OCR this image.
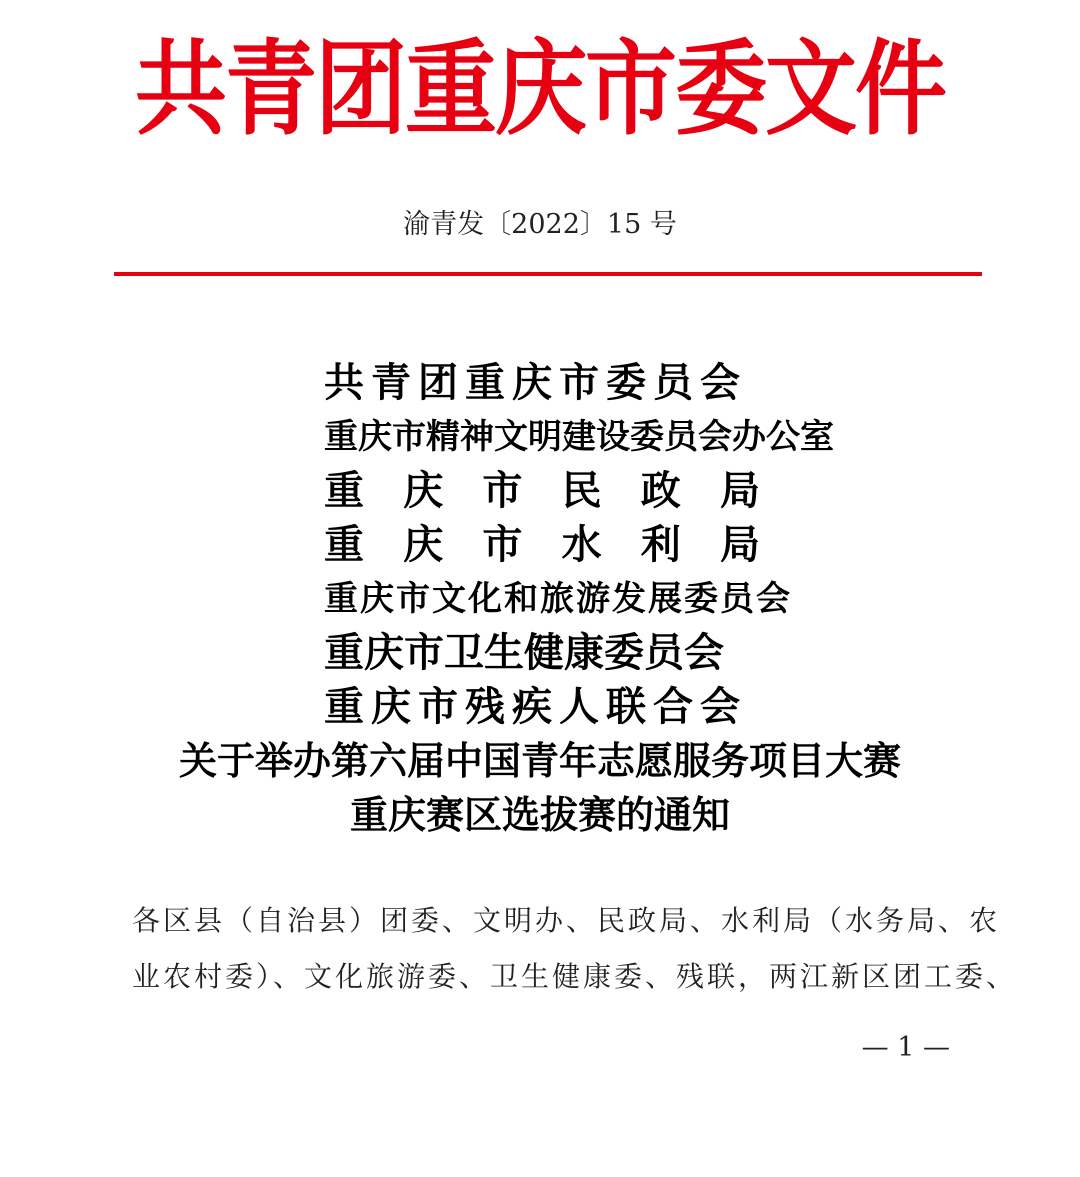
共青团重庆市委文件
渝青发〔2022〕15 号
共青团重庆市委员会
重庆市精神文明建设委员会办公室
重 庆 市 民 政 局
重 庆 市 水 利 局
重庆市文化和旅游发展委员会
重庆市卫生健康委员会
重庆市残疾人联合会
关于举办第六届中国青年志愿服务项目大赛
重庆赛区选拔赛的通知

各区县（自治县）团委、文明办、民政局、水利局（水务局、农

业农村委）、文化旅游委、卫生健康委、残联，两江新区团工委、

— 1 —
